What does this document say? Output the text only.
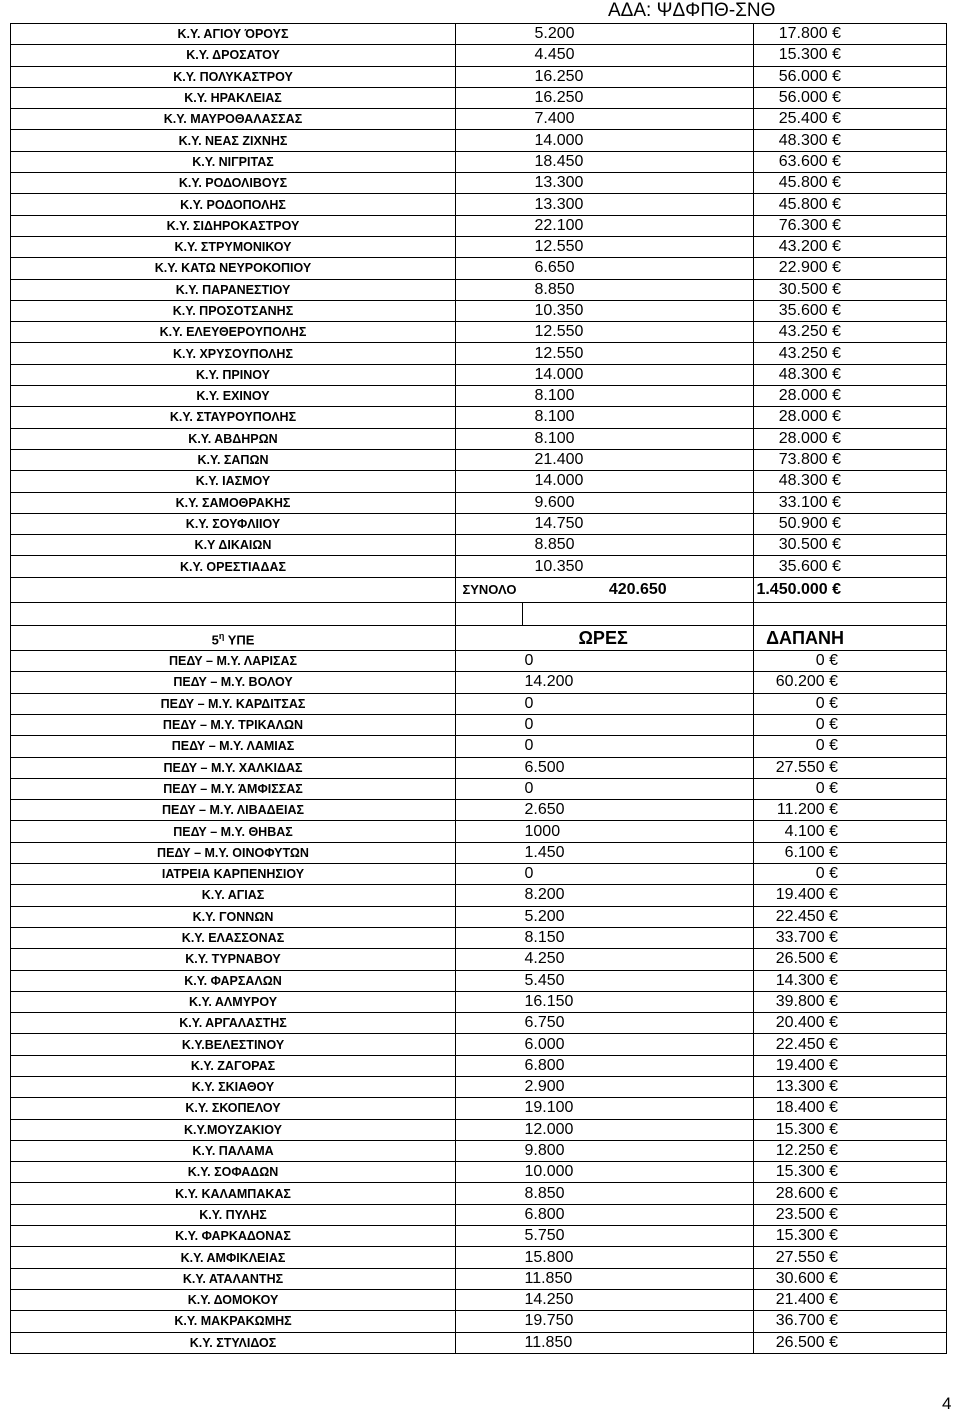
ΑΔΑ: ΨΔΦΠΘ-ΣΝΘ
Κ.Υ. ΑΓΙΟΥ ΌΡΟΥΣ		5.200	17.800 €
Κ.Υ. ΔΡΟΣΑΤΟΥ		4.450	15.300 €
Κ.Υ. ΠΟΛΥΚΑΣΤΡΟΥ		16.250	56.000 €
Κ.Υ. ΗΡΑΚΛΕΙΑΣ		16.250	56.000 €
Κ.Υ. ΜΑΥΡΟΘΑΛΑΣΣΑΣ		7.400	25.400 €
Κ.Υ. ΝΕΑΣ ΖΙΧΝΗΣ		14.000	48.300 €
Κ.Υ. ΝΙΓΡΙΤΑΣ		18.450	63.600 €
Κ.Υ. ΡΟΔΟΛΙΒΟΥΣ		13.300	45.800 €
Κ.Υ. ΡΟΔΟΠΟΛΗΣ		13.300	45.800 €
Κ.Υ. ΣΙΔΗΡΟΚΑΣΤΡΟΥ		22.100	76.300 €
Κ.Υ. ΣΤΡΥΜΟΝΙΚΟΥ		12.550	43.200 €
Κ.Υ. ΚΑΤΩ ΝΕΥΡΟΚΟΠΙΟΥ		6.650	22.900 €
Κ.Υ. ΠΑΡΑΝΕΣΤΙΟΥ		8.850	30.500 €
Κ.Υ. ΠΡΟΣΟΤΣΑΝΗΣ		10.350	35.600 €
Κ.Υ. ΕΛΕΥΘΕΡΟΥΠΟΛΗΣ		12.550	43.250 €
Κ.Υ. ΧΡΥΣΟΥΠΟΛΗΣ		12.550	43.250 €
Κ.Υ. ΠΡΙΝΟΥ		14.000	48.300 €
Κ.Υ. ΕΧΙΝΟΥ		8.100	28.000 €
Κ.Υ. ΣΤΑΥΡΟΥΠΟΛΗΣ		8.100	28.000 €
Κ.Υ. ΑΒΔΗΡΩΝ		8.100	28.000 €
Κ.Υ. ΣΑΠΩΝ		21.400	73.800 €
Κ.Υ. ΙΑΣΜΟΥ		14.000	48.300 €
Κ.Υ. ΣΑΜΟΘΡΑΚΗΣ		9.600	33.100 €
Κ.Υ. ΣΟΥΦΛΙΙΟΥ		14.750	50.900 €
Κ.Υ ΔΙΚΑΙΩΝ		8.850	30.500 €
Κ.Υ. ΟΡΕΣΤΙΑΔΑΣ		10.350	35.600 €
	ΣΥΝΟΛΟ	420.650	1.450.000 €

$5^\eta$ ΥΠΕ		ΩΡΕΣ	ΔΑΠΑΝΗ
ΠΕΔΥ – Μ.Υ. ΛΑΡΙΣΑΣ		0	0 €
ΠΕΔΥ – Μ.Υ. ΒΟΛΟΥ		14.200	60.200 €
ΠΕΔΥ – Μ.Υ. ΚΑΡΔΙΤΣΑΣ		0	0 €
ΠΕΔΥ – Μ.Υ. ΤΡΙΚΑΛΩΝ		0	0 €
ΠΕΔΥ – Μ.Υ. ΛΑΜΙΑΣ		0	0 €
ΠΕΔΥ – Μ.Υ. ΧΑΛΚΙΔΑΣ		6.500	27.550 €
ΠΕΔΥ – Μ.Υ. ΆΜΦΙΣΣΑΣ		0	0 €
ΠΕΔΥ – Μ.Υ. ΛΙΒΑΔΕΙΑΣ		2.650	11.200 €
ΠΕΔΥ – Μ.Υ. ΘΗΒΑΣ		1000	4.100 €
ΠΕΔΥ – Μ.Υ. ΟΙΝΟΦΥΤΩΝ		1.450	6.100 €
ΙΑΤΡΕΙΑ ΚΑΡΠΕΝΗΣΙΟΥ		0	0 €
Κ.Υ. ΑΓΙΑΣ		8.200	19.400 €
Κ.Υ. ΓΟΝΝΩΝ		5.200	22.450 €
Κ.Υ. ΕΛΑΣΣΟΝΑΣ		8.150	33.700 €
Κ.Υ. ΤΥΡΝΑΒΟΥ		4.250	26.500 €
Κ.Υ. ΦΑΡΣΑΛΩΝ		5.450	14.300 €
Κ.Υ. ΑΛΜΥΡΟΥ		16.150	39.800 €
Κ.Υ. ΑΡΓΑΛΑΣΤΗΣ		6.750	20.400 €
Κ.Υ.ΒΕΛΕΣΤΙΝΟΥ		6.000	22.450 €
Κ.Υ. ΖΑΓΟΡΑΣ		6.800	19.400 €
Κ.Υ. ΣΚΙΑΘΟΥ		2.900	13.300 €
Κ.Υ. ΣΚΟΠΕΛΟΥ		19.100	18.400 €
Κ.Υ.ΜΟΥΖΑΚΙΟΥ		12.000	15.300 €
Κ.Υ. ΠΑΛΑΜΑ		9.800	12.250 €
Κ.Υ. ΣΟΦΑΔΩΝ		10.000	15.300 €
Κ.Υ. ΚΑΛΑΜΠΑΚΑΣ		8.850	28.600 €
Κ.Υ. ΠΥΛΗΣ		6.800	23.500 €
Κ.Υ. ΦΑΡΚΑΔΟΝΑΣ		5.750	15.300 €
Κ.Υ. ΑΜΦΙΚΛΕΙΑΣ		15.800	27.550 €
Κ.Υ. ΑΤΑΛΑΝΤΗΣ		11.850	30.600 €
Κ.Υ. ΔΟΜΟΚΟΥ		14.250	21.400 €
Κ.Υ. ΜΑΚΡΑΚΩΜΗΣ		19.750	36.700 €
Κ.Υ. ΣΤΥΛΙΔΟΣ		11.850	26.500 €
4
